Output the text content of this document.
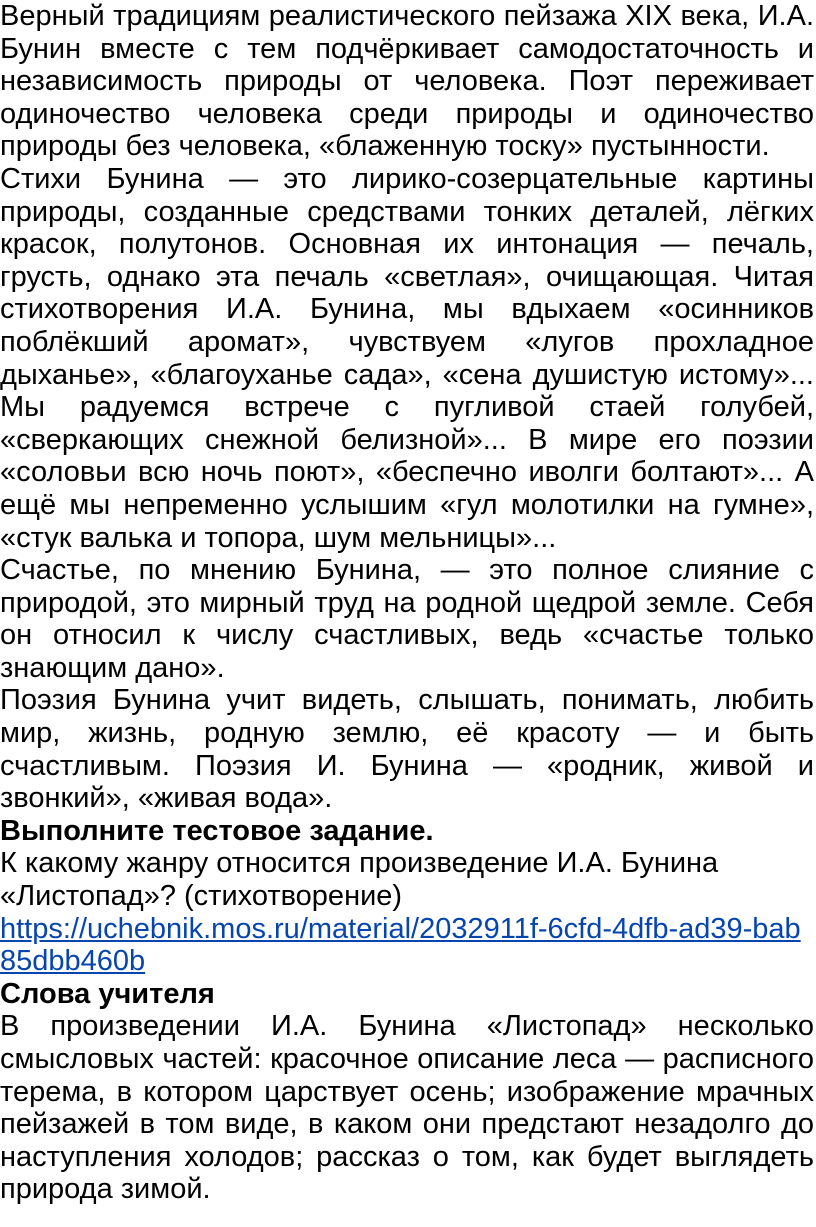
Верный традициям реалистического пейзажа XIX века, И.А. Бунин вместе с тем подчёркивает самодостаточность и независимость природы от человека. Поэт переживает одиночество человека среди природы и одиночество природы без человека, «блаженную тоску» пустынности.

Стихи Бунина — это лирико-созерцательные картины природы, созданные средствами тонких деталей, лёгких красок, полутонов. Основная их интонация — печаль, грусть, однако эта печаль «светлая», очищающая. Читая стихотворения И.А. Бунина, мы вдыхаем «осинников поблёкший аромат», чувствуем «лугов прохладное дыханье», «благоуханье сада», «сена душистую истому»... Мы радуемся встрече с пугливой стаей голубей, «сверкающих снежной белизной»... В мире его поэзии «соловьи всю ночь поют», «беспечно иволги болтают»... А ещё мы непременно услышим «гул молотилки на гумне», «стук валька и топора, шум мельницы»...

Счастье, по мнению Бунина, — это полное слияние с природой, это мирный труд на родной щедрой земле. Себя он относил к числу счастливых, ведь «счастье только знающим дано».

Поэзия Бунина учит видеть, слышать, понимать, любить мир, жизнь, родную землю, её красоту — и быть счастливым. Поэзия И. Бунина — «родник, живой и звонкий», «живая вода».

Выполните тестовое задание.

К какому жанру относится произведение И.А. Бунина «Листопад»? (стихотворение)

https://uchebnik.mos.ru/material/2032911f-6cfd-4dfb-ad39-bab85dbb460b

Слова учителя

В произведении И.А. Бунина «Листопад» несколько смысловых частей: красочное описание леса — расписного терема, в котором царствует осень; изображение мрачных пейзажей в том виде, в каком они предстают незадолго до наступления холодов; рассказ о том, как будет выглядеть природа зимой.
